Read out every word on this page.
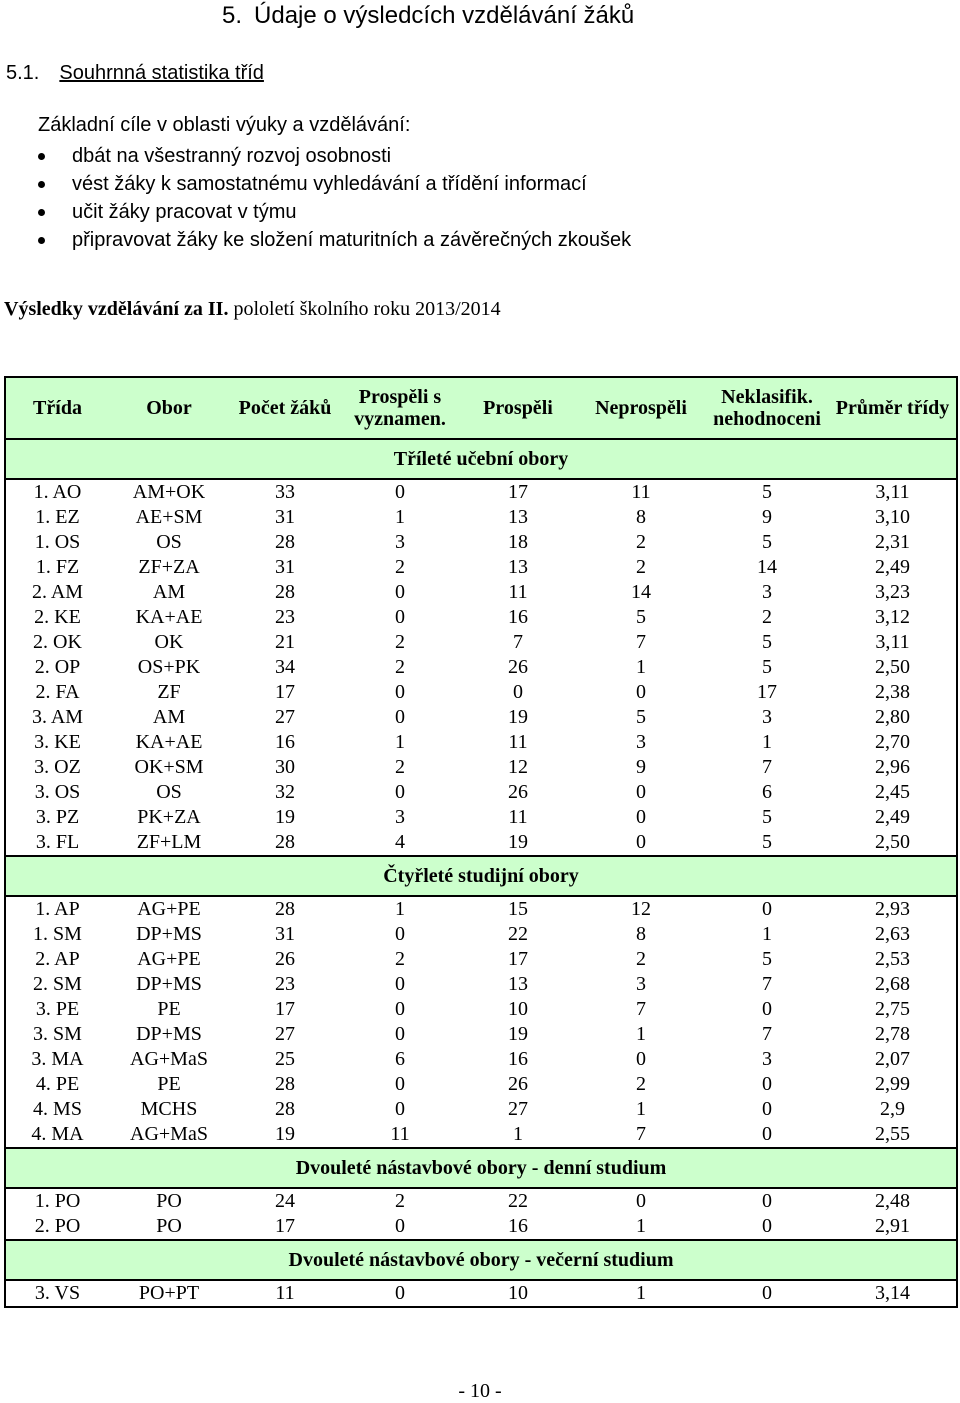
5. Údaje o výsledcích vzdělávání žáků
5.1. Souhrnná statistika tříd
Základní cíle v oblasti výuky a vzdělávání:
dbát na všestranný rozvoj osobnosti
vést žáky k samostatnému vyhledávání a třídění informací
učit žáky pracovat v týmu
připravovat žáky ke složení maturitních a závěrečných zkoušek
Výsledky vzdělávání za II. pololetí školního roku 2013/2014
Třída	Obor	Počet žáků	Prospěli s vyznamen.	Prospěli	Neprospěli	Neklasifik. nehodnoceni	Průměr třídy
Tříleté učební obory							
1. AO	AM+OK	33	0	17	11	5	3,11
1. EZ	AE+SM	31	1	13	8	9	3,10
1. OS	OS	28	3	18	2	5	2,31
1. FZ	ZF+ZA	31	2	13	2	14	2,49
2. AM	AM	28	0	11	14	3	3,23
2. KE	KA+AE	23	0	16	5	2	3,12
2. OK	OK	21	2	7	7	5	3,11
2. OP	OS+PK	34	2	26	1	5	2,50
2. FA	ZF	17	0	0	0	17	2,38
3. AM	AM	27	0	19	5	3	2,80
3. KE	KA+AE	16	1	11	3	1	2,70
3. OZ	OK+SM	30	2	12	9	7	2,96
3. OS	OS	32	0	26	0	6	2,45
3. PZ	PK+ZA	19	3	11	0	5	2,49
3. FL	ZF+LM	28	4	19	0	5	2,50
Čtyřleté studijní obory							
1. AP	AG+PE	28	1	15	12	0	2,93
1. SM	DP+MS	31	0	22	8	1	2,63
2. AP	AG+PE	26	2	17	2	5	2,53
2. SM	DP+MS	23	0	13	3	7	2,68
3. PE	PE	17	0	10	7	0	2,75
3. SM	DP+MS	27	0	19	1	7	2,78
3. MA	AG+MaS	25	6	16	0	3	2,07
4. PE	PE	28	0	26	2	0	2,99
4. MS	MCHS	28	0	27	1	0	2,9
4. MA	AG+MaS	19	11	1	7	0	2,55
Dvouleté nástavbové obory - denní studium							
1. PO	PO	24	2	22	0	0	2,48
2. PO	PO	17	0	16	1	0	2,91
Dvouleté nástavbové obory - večerní studium							
3. VS	PO+PT	11	0	10	1	0	3,14
- 10 -
